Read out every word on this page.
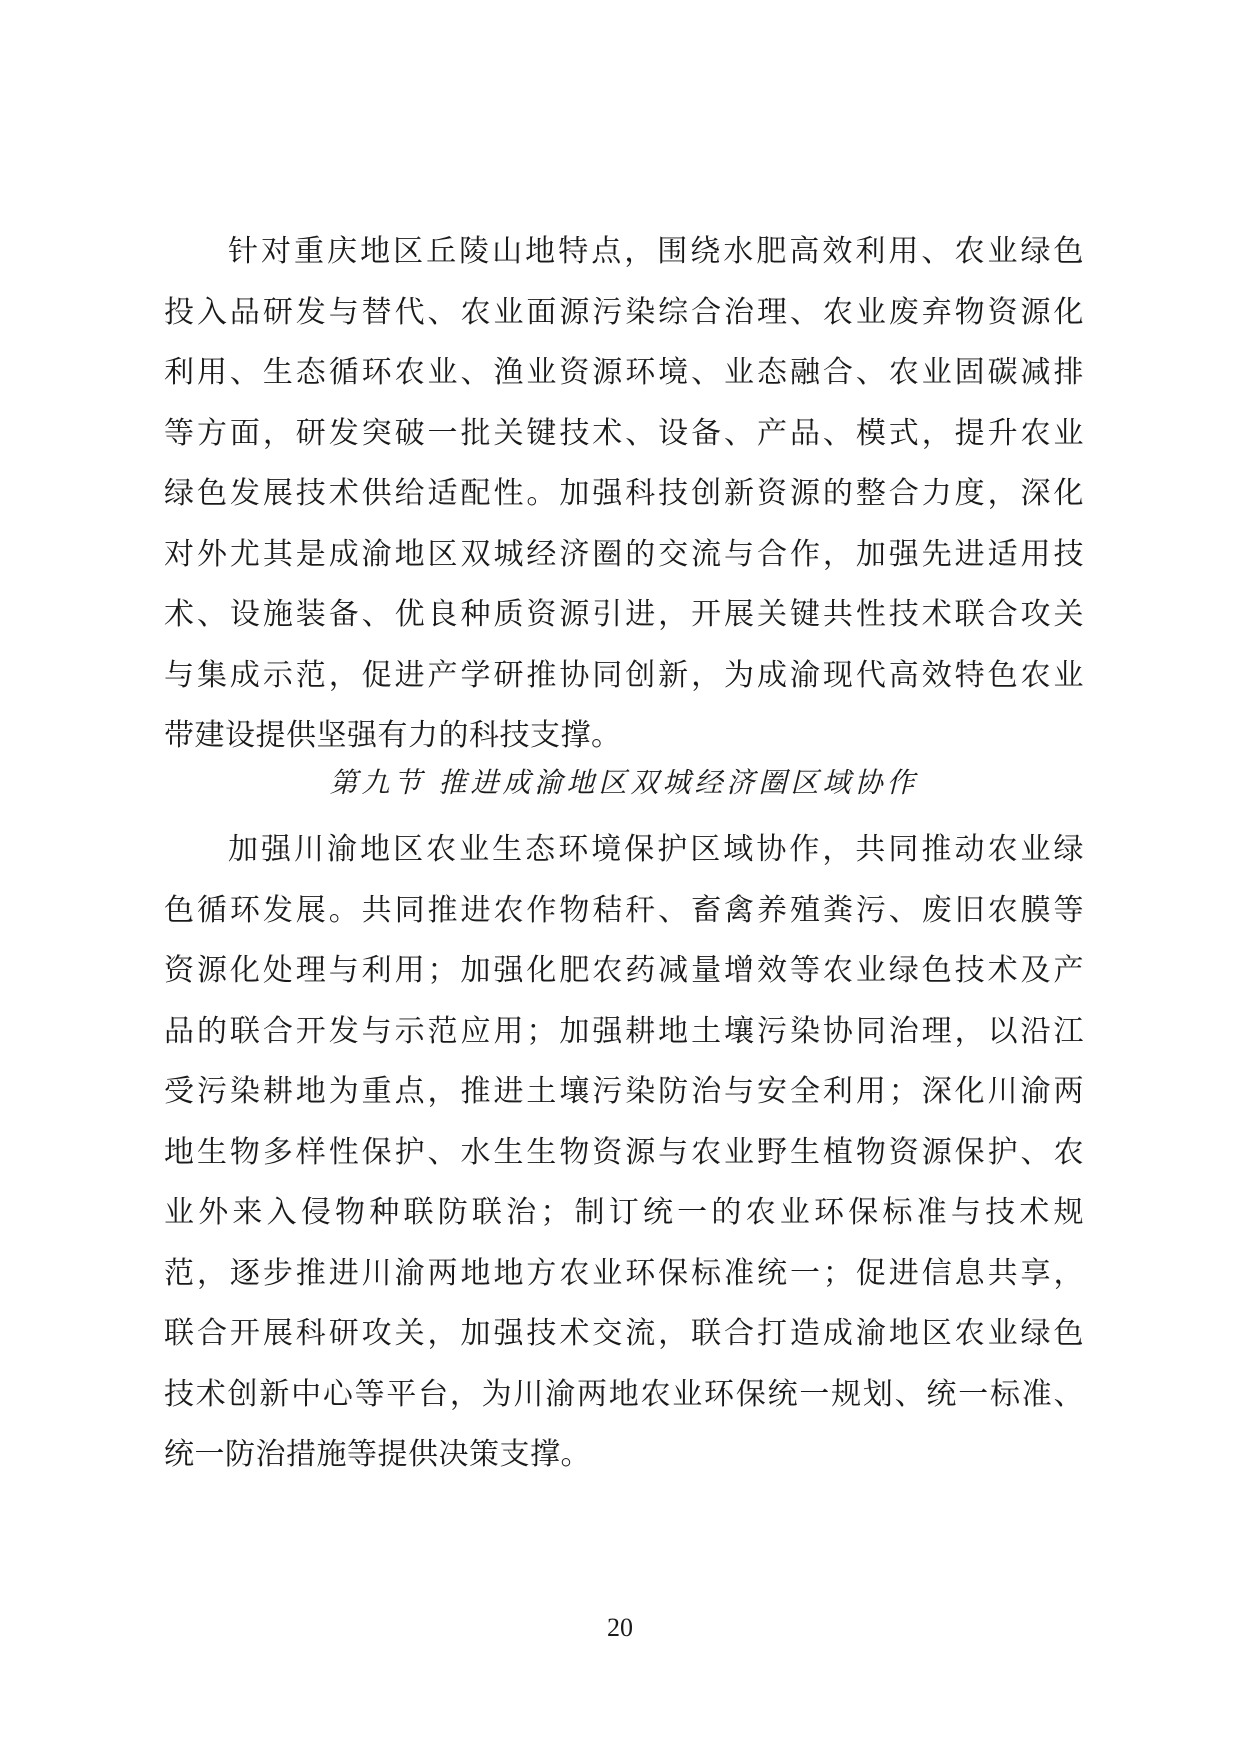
针对重庆地区丘陵山地特点，围绕水肥高效利用、农业绿色
投入品研发与替代、农业面源污染综合治理、农业废弃物资源化
利用、生态循环农业、渔业资源环境、业态融合、农业固碳减排
等方面，研发突破一批关键技术、设备、产品、模式，提升农业
绿色发展技术供给适配性。加强科技创新资源的整合力度，深化
对外尤其是成渝地区双城经济圈的交流与合作，加强先进适用技
术、设施装备、优良种质资源引进，开展关键共性技术联合攻关
与集成示范，促进产学研推协同创新，为成渝现代高效特色农业
带建设提供坚强有力的科技支撑。
第九节 推进成渝地区双城经济圈区域协作
加强川渝地区农业生态环境保护区域协作，共同推动农业绿
色循环发展。共同推进农作物秸秆、畜禽养殖粪污、废旧农膜等
资源化处理与利用；加强化肥农药减量增效等农业绿色技术及产
品的联合开发与示范应用；加强耕地土壤污染协同治理，以沿江
受污染耕地为重点，推进土壤污染防治与安全利用；深化川渝两
地生物多样性保护、水生生物资源与农业野生植物资源保护、农
业外来入侵物种联防联治；制订统一的农业环保标准与技术规
范，逐步推进川渝两地地方农业环保标准统一；促进信息共享，
联合开展科研攻关，加强技术交流，联合打造成渝地区农业绿色
技术创新中心等平台，为川渝两地农业环保统一规划、统一标准、
统一防治措施等提供决策支撑。
20
